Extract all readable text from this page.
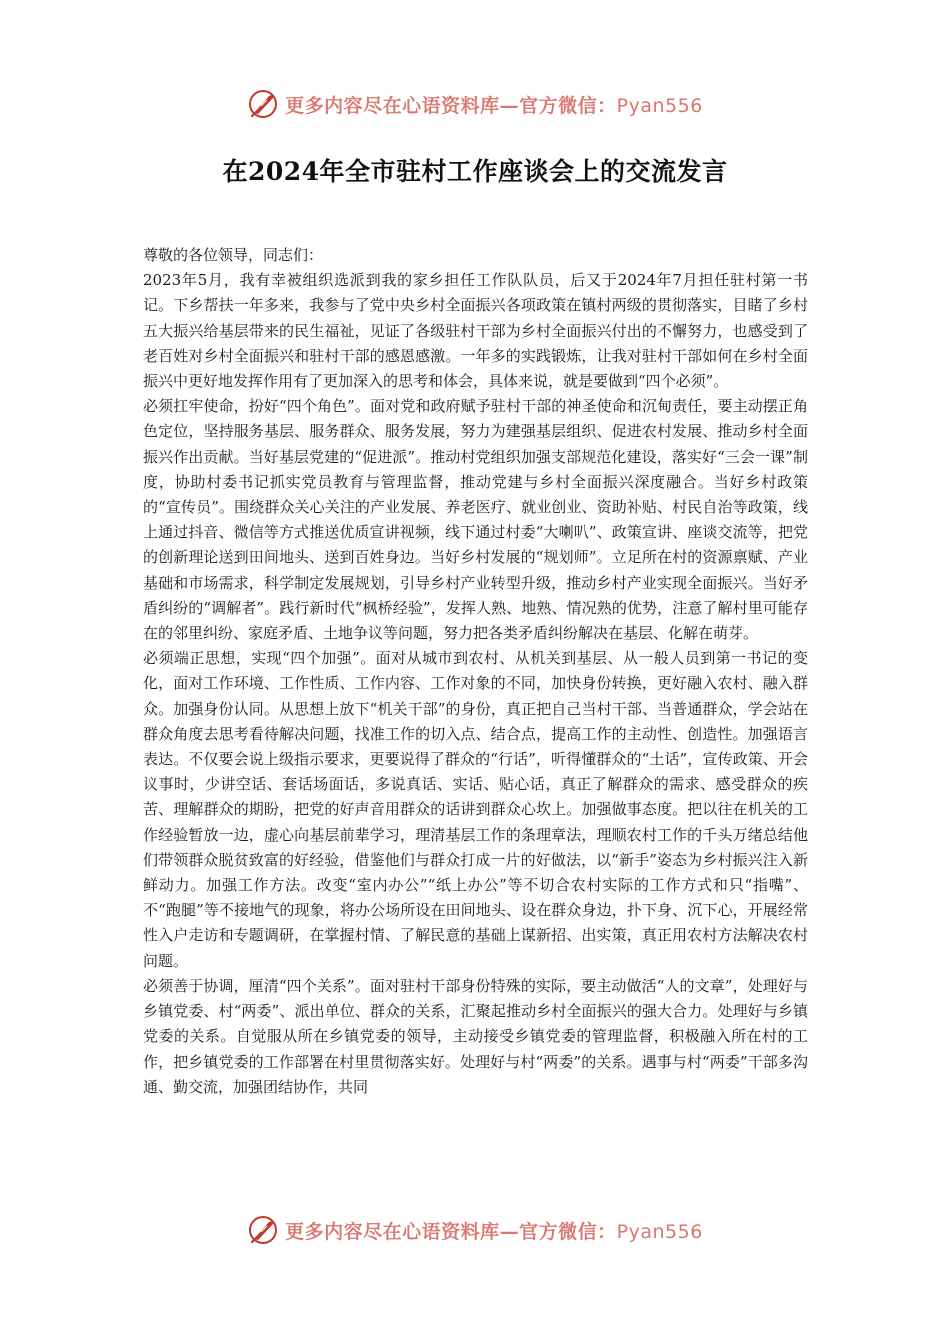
更多内容尽在心语资料库—官方微信：Pyan556
在2024年全市驻村工作座谈会上的交流发言

尊敬的各位领导，同志们：

2023年5月，我有幸被组织选派到我的家乡担任工作队队员，后又于2024年7月担任驻村第一书记。下乡帮扶一年多来，我参与了党中央乡村全面振兴各项政策在镇村两级的贯彻落实，目睹了乡村五大振兴给基层带来的民生福祉，见证了各级驻村干部为乡村全面振兴付出的不懈努力，也感受到了老百姓对乡村全面振兴和驻村干部的感恩感激。一年多的实践锻炼，让我对驻村干部如何在乡村全面振兴中更好地发挥作用有了更加深入的思考和体会，具体来说，就是要做到“四个必须”。

必须扛牢使命，扮好“四个角色”。面对党和政府赋予驻村干部的神圣使命和沉甸责任，要主动摆正角色定位，坚持服务基层、服务群众、服务发展，努力为建强基层组织、促进农村发展、推动乡村全面振兴作出贡献。当好基层党建的“促进派”。推动村党组织加强支部规范化建设，落实好“三会一课”制度，协助村委书记抓实党员教育与管理监督，推动党建与乡村全面振兴深度融合。当好乡村政策的“宣传员”。围绕群众关心关注的产业发展、养老医疗、就业创业、资助补贴、村民自治等政策，线上通过抖音、微信等方式推送优质宣讲视频，线下通过村委“大喇叭”、政策宣讲、座谈交流等，把党的创新理论送到田间地头、送到百姓身边。当好乡村发展的“规划师”。立足所在村的资源禀赋、产业基础和市场需求，科学制定发展规划，引导乡村产业转型升级，推动乡村产业实现全面振兴。当好矛盾纠纷的“调解者”。践行新时代“枫桥经验”，发挥人熟、地熟、情况熟的优势，注意了解村里可能存在的邻里纠纷、家庭矛盾、土地争议等问题，努力把各类矛盾纠纷解决在基层、化解在萌芽。

必须端正思想，实现“四个加强”。面对从城市到农村、从机关到基层、从一般人员到第一书记的变化，面对工作环境、工作性质、工作内容、工作对象的不同，加快身份转换，更好融入农村、融入群众。加强身份认同。从思想上放下“机关干部”的身份，真正把自己当村干部、当普通群众，学会站在群众角度去思考看待解决问题，找准工作的切入点、结合点，提高工作的主动性、创造性。加强语言表达。不仅要会说上级指示要求，更要说得了群众的“行话”，听得懂群众的“土话”，宣传政策、开会议事时，少讲空话、套话场面话，多说真话、实话、贴心话，真正了解群众的需求、感受群众的疾苦、理解群众的期盼，把党的好声音用群众的话讲到群众心坎上。加强做事态度。把以往在机关的工作经验暂放一边，虚心向基层前辈学习，理清基层工作的条理章法，理顺农村工作的千头万绪总结他们带领群众脱贫致富的好经验，借鉴他们与群众打成一片的好做法，以“新手”姿态为乡村振兴注入新鲜动力。加强工作方法。改变“室内办公”“纸上办公”等不切合农村实际的工作方式和只“指嘴”、不“跑腿”等不接地气的现象，将办公场所设在田间地头、设在群众身边，扑下身、沉下心，开展经常性入户走访和专题调研，在掌握村情、了解民意的基础上谋新招、出实策，真正用农村方法解决农村问题。

必须善于协调，厘清“四个关系”。面对驻村干部身份特殊的实际，要主动做活“人的文章”，处理好与乡镇党委、村“两委”、派出单位、群众的关系，汇聚起推动乡村全面振兴的强大合力。处理好与乡镇党委的关系。自觉服从所在乡镇党委的领导，主动接受乡镇党委的管理监督，积极融入所在村的工作，把乡镇党委的工作部署在村里贯彻落实好。处理好与村“两委”的关系。遇事与村“两委”干部多沟通、勤交流，加强团结协作，共同

更多内容尽在心语资料库—官方微信：Pyan556
